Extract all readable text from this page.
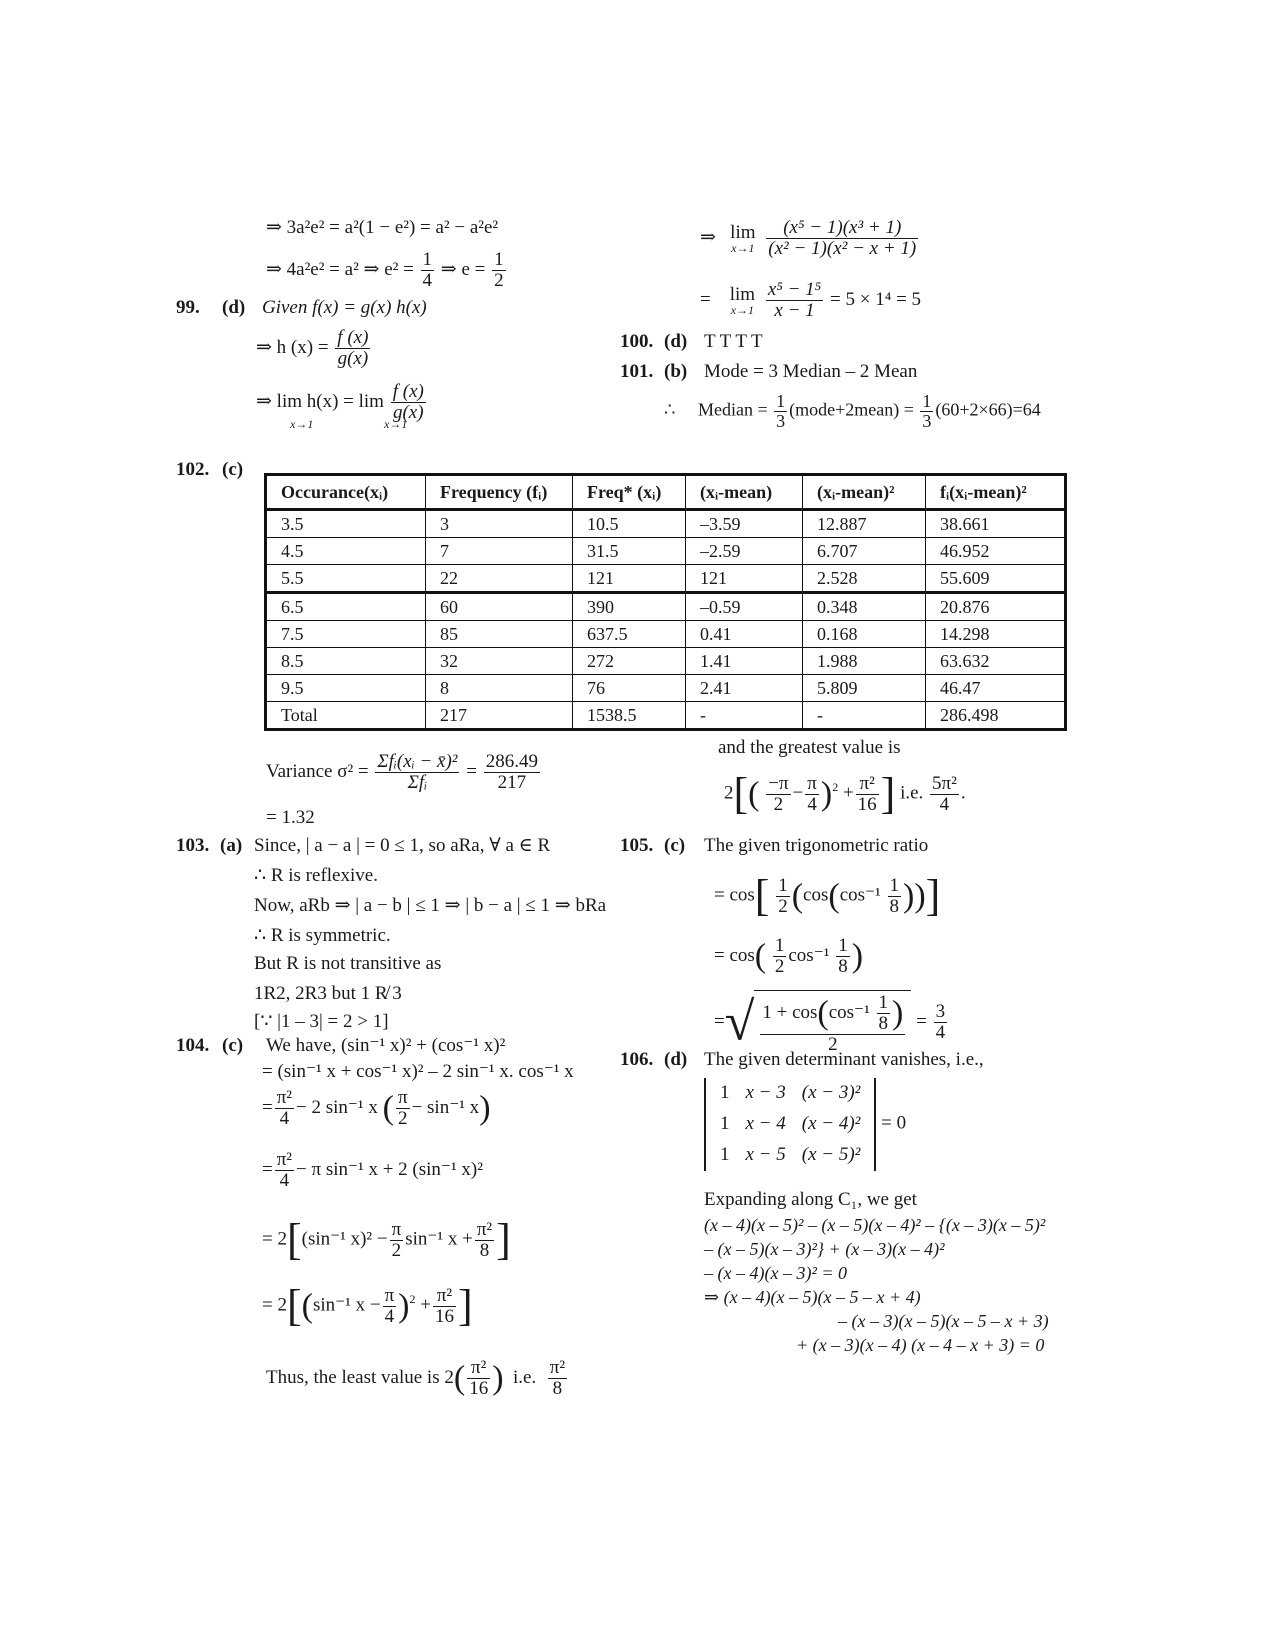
⇒ 3a²e² = a²(1 − e²) = a² − a²e²
⇒ 4a²e² = a² ⇒ $e^2 = \frac{1}{4}$ ⇒ $e = \frac{1}{2}$
99. (d) Given f(x) = g(x) h(x)
⇒ h $(x) = \frac{f (x)}{g(x)}$
⇒ $\lim h(x) = \lim \frac{f (x)}{g(x)}$
x→1	x→1
⇒ lim
x→1
$\frac{\text{(x⁵ − 1)(x³ + 1)}}{\text{(x² − 1)(x² − x + 1)}}$
= lim
x→1
$\frac{\text{x⁵ − 1⁵}}{x - 1} = 5 \times 1^4 = 5$
100. (d) T T T T
101. (b) Mode = 3 Median – 2 Mean
∴ Median = $\frac{1}{3}$ (mode+2mean) = $\frac{1}{3} (60+2\times 66)=64$
102. (c)
Occurance(xᵢ)	Frequency (fᵢ)	Freq* (xᵢ)	(xᵢ-mean)	(xᵢ-mean)²	fᵢ(xᵢ-mean)²
3.5	3	10.5	–3.59	12.887	38.661
4.5	7	31.5	–2.59	6.707	46.952
5.5	22	121	121	2.528	55.609
6.5	60	390	–0.59	0.348	20.876
7.5	85	637.5	0.41	0.168	14.298
8.5	32	272	1.41	1.988	63.632
9.5	8	76	2.41	5.809	46.47
Total	217	1538.5	-	-	286.498
Variance $\sigma^2 = \frac{\text{Σfᵢ(xᵢ − x̄)²}}{\text{Σfᵢ}} = \frac{286.49}{217}$
= 1.32
and the greatest value is
$2[( \frac{-\pi}{2} - \frac{\pi}{4} )^2 + \frac{\text{π²}}{16}$ ] i.e. $\frac{\text{5π²}}{4}$ .
103. (a) Since, | a − a | = 0 ≤ 1, so aRa, ∀ a ∈ R
∴ R is reflexive.
Now, aRb ⇒ | a − b | ≤ 1 ⇒ | b − a | ≤ 1 ⇒ bRa
∴ R is symmetric.
But R is not transitive as
1R2, 2R3 but 1 R̸ 3
[∵ |1 – 3| = 2 > 1]
104. (c) We have, (sin⁻¹ x)² + (cos⁻¹ x)²
= (sin⁻¹ x + cos⁻¹ x)² – 2 sin⁻¹ x. cos⁻¹ x
= $\frac{\text{π²}}{4} - 2$ sin⁻¹ x ( $\frac{\pi}{2} - \sin^{-1}$ x)
= $\frac{\text{π²}}{4} - \pi$ sin⁻¹ x + 2 (sin⁻¹ x)²
= 2[(sin⁻¹ $x)^2 - \frac{\pi}{2} \sin^{-1}$ $x + \frac{\text{π²}}{8}$ ]
= 2[(sin⁻¹ $x - \frac{\pi}{4} )^2 + \frac{\text{π²}}{16}$ ]
Thus, the least value is $2( \frac{\text{π²}}{16}$ ) i.e. $\frac{\text{π²}}{8}$
105. (c) The given trigonometric ratio
= $\cos[ \frac{1}{2} (\cos(\cos^{-1} \frac{1}{8}$ ))]
= $\cos( \frac{1}{2} \cos^{-1} \frac{1}{8}$ )
=√ $\frac{1 + \cos(\cos^{-1} \frac{1}{8} )}{2} = \frac{3}{4}$
106. (d) The given determinant vanishes, i.e.,
1	x − 3	(x − 3)²
1	x − 4	(x − 4)²
1	x − 5	(x − 5)²
= 0
Expanding along C₁, we get
(x – 4)(x – 5)² – (x – 5)(x – 4)² – {(x – 3)(x – 5)²
– (x – 5)(x – 3)²} + (x – 3)(x – 4)²
– (x – 4)(x – 3)² = 0
⇒ (x – 4)(x – 5)(x – 5 – x + 4)
– (x – 3)(x – 5)(x – 5 – x + 3)
+ (x – 3)(x – 4) (x – 4 – x + 3) = 0
